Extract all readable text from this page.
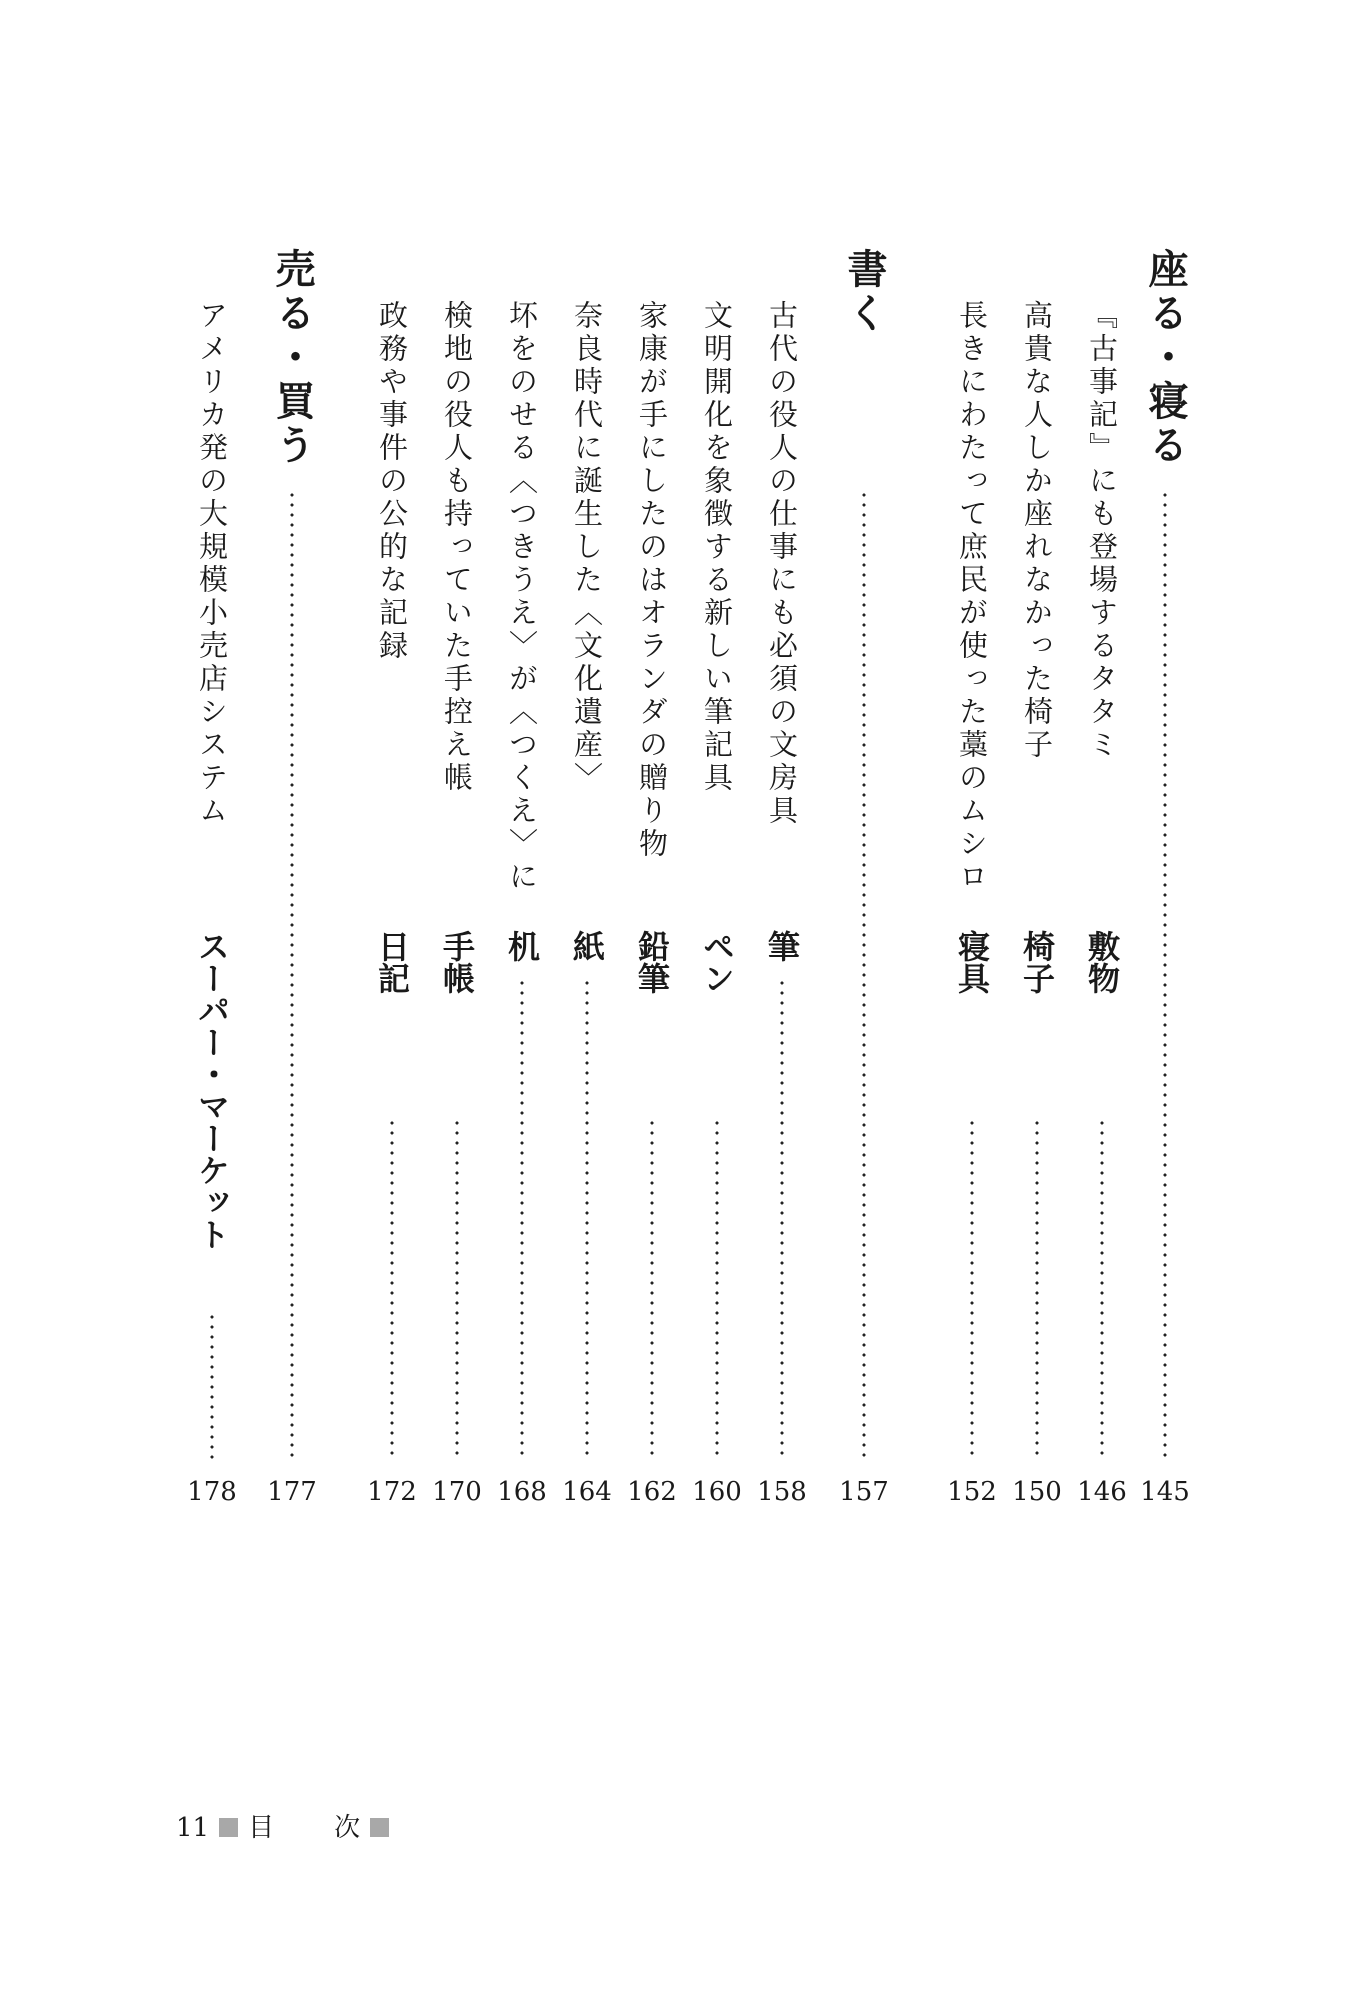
座る・寝る
145
『古事記』にも登場するタタミ
敷物
146
高貴な人しか座れなかった椅子
椅子
150
長きにわたって庶民が使った藁のムシロ
寝具
152
書く
157
古代の役人の仕事にも必須の文房具
筆
158
文明開化を象徴する新しい筆記具
ペン
160
家康が手にしたのはオランダの贈り物
鉛筆
162
奈良時代に誕生した〈文化遺産〉
紙
164
坏をのせる〈つきうえ〉が〈つくえ〉に
机
168
検地の役人も持っていた手控え帳
手帳
170
政務や事件の公的な記録
日記
172
売る・買う
177
アメリカ発の大規模小売店システム
スーパー・マーケット
178
11 目 次
